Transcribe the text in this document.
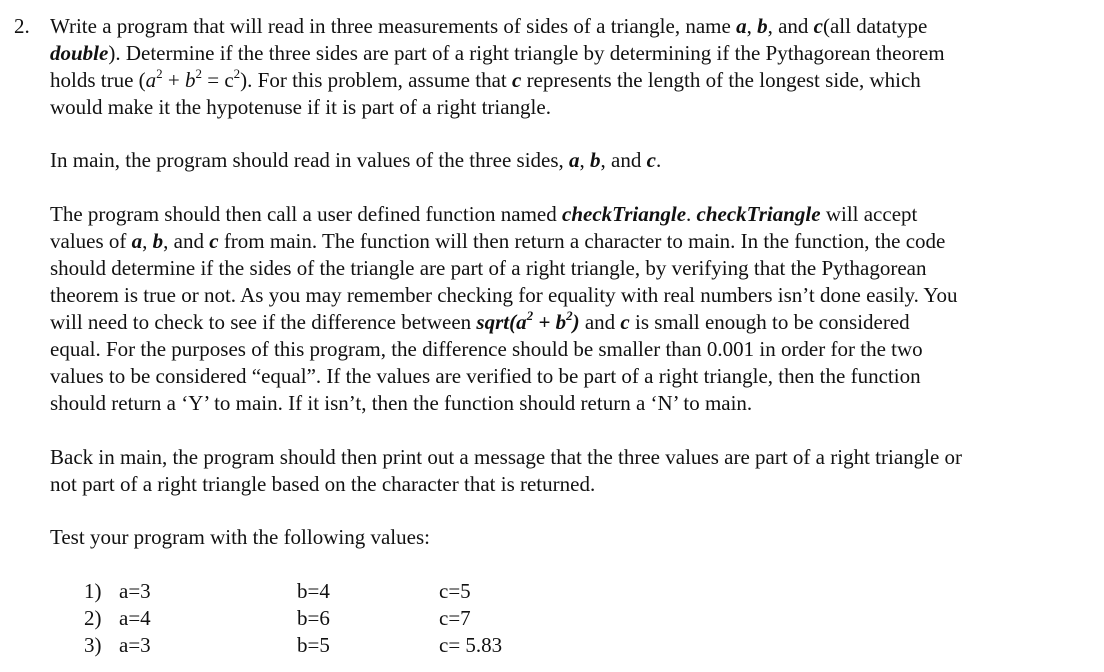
2. Write a program that will read in three measurements of sides of a triangle, name a, b, and c(all datatype
double). Determine if the three sides are part of a right triangle by determining if the Pythagorean theorem
holds true $(a^2 + b^2 = c^2)$. For this problem, assume that c represents the length of the longest side, which
would make it the hypotenuse if it is part of a right triangle.
In main, the program should read in values of the three sides, a, b, and c.
The program should then call a user defined function named checkTriangle. checkTriangle will accept
values of a, b, and c from main. The function will then return a character to main. In the function, the code
should determine if the sides of the triangle are part of a right triangle, by verifying that the Pythagorean
theorem is true or not. As you may remember checking for equality with real numbers isn’t done easily. You
will need to check to see if the difference between $sqrt(a^2 + b^2)$ and c is small enough to be considered
equal. For the purposes of this program, the difference should be smaller than 0.001 in order for the two
values to be considered “equal”. If the values are verified to be part of a right triangle, then the function
should return a ‘Y’ to main. If it isn’t, then the function should return a ‘N’ to main.
Back in main, the program should then print out a message that the three values are part of a right triangle or
not part of a right triangle based on the character that is returned.
Test your program with the following values:
1) a=3	b=4	c=5
2) a=4	b=6	c=7
3) a=3	b=5	c= 5.83
